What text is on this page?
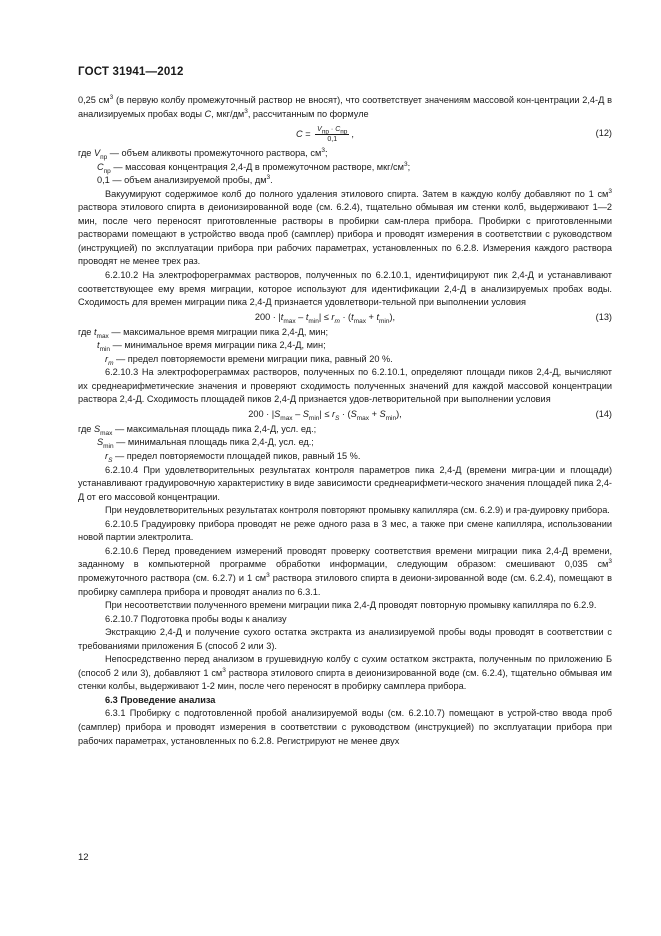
ГОСТ 31941—2012

0,25 $см^3$ (в первую колбу промежуточный раствор не вносят), что соответствует значениям массовой кон-центрации 2,4-Д в анализируемых пробах воды C, мкг/$дм^3$, рассчитанным по формуле

$C = \frac{V_{пр} \cdot C_{пр}}{0,1}$ ,	(12)

где $V_{пр}$ — объем аликвоты промежуточного раствора, $см^3$;

$C_{пр}$ — массовая концентрация 2,4-Д в промежуточном растворе, мкг/$см^3$;

0,1 — объем анализируемой пробы, $дм^3$.

Вакуумируют содержимое колб до полного удаления этилового спирта. Затем в каждую колбу добавляют по 1 $см^3$ раствора этилового спирта в деионизированной воде (см. 6.2.4), тщательно обмывая им стенки колб, выдерживают 1—2 мин, после чего переносят приготовленные растворы в пробирки сам-плера прибора. Пробирки с приготовленными растворами помещают в устройство ввода проб (самплер) прибора и проводят измерения в соответствии с руководством (инструкцией) по эксплуатации прибора при рабочих параметрах, установленных по 6.2.8. Измерения каждого раствора проводят не менее трех раз.

6.2.10.2 На электрофореграммах растворов, полученных по 6.2.10.1, идентифицируют пик 2,4-Д и устанавливают соответствующее ему время миграции, которое используют для идентификации 2,4-Д в анализируемых пробах воды. Сходимость для времен миграции пика 2,4-Д признается удовлетвори-тельной при выполнении условия

$200 \cdot |t_{max} - t_{min}| \le r_m \cdot (t_{max} + t_{min})$,	(13)

где $t_{max}$ — максимальное время миграции пика 2,4-Д, мин;

$t_{min}$ — минимальное время миграции пика 2,4-Д, мин;

$r_m$ — предел повторяемости времени миграции пика, равный 20 %.

6.2.10.3 На электрофореграммах растворов, полученных по 6.2.10.1, определяют площади пиков 2,4-Д, вычисляют их среднеарифметические значения и проверяют сходимость полученных значений для каждой массовой концентрации раствора 2,4-Д. Сходимость площадей пиков 2,4-Д признается удов-летворительной при выполнении условия

$200 \cdot |S_{max} - S_{min}| \le r_S \cdot (S_{max} + S_{min})$,	(14)

где $S_{max}$ — максимальная площадь пика 2,4-Д, усл. ед.;

$S_{min}$ — минимальная площадь пика 2,4-Д, усл. ед.;

$r_S$ — предел повторяемости площадей пиков, равный 15 %.

6.2.10.4 При удовлетворительных результатах контроля параметров пика 2,4-Д (времени мигра-ции и площади) устанавливают градуировочную характеристику в виде зависимости среднеарифмети-ческого значения площадей пика 2,4-Д от его массовой концентрации.

При неудовлетворительных результатах контроля повторяют промывку капилляра (см. 6.2.9) и гра-дуировку прибора.

6.2.10.5 Градуировку прибора проводят не реже одного раза в 3 мес, а также при смене капилляра, использовании новой партии электролита.

6.2.10.6 Перед проведением измерений проводят проверку соответствия времени миграции пика 2,4-Д времени, заданному в компьютерной программе обработки информации, следующим образом: смешивают 0,035 $см^3$ промежуточного раствора (см. 6.2.7) и 1 $см^3$ раствора этилового спирта в деиони-зированной воде (см. 6.2.4), помещают в пробирку самплера прибора и проводят анализ по 6.3.1.

При несоответствии полученного времени миграции пика 2,4-Д проводят повторную промывку капилляра по 6.2.9.

6.2.10.7 Подготовка пробы воды к анализу

Экстракцию 2,4-Д и получение сухого остатка экстракта из анализируемой пробы воды проводят в соответствии с требованиями приложения Б (способ 2 или 3).

Непосредственно перед анализом в грушевидную колбу с сухим остатком экстракта, полученным по приложению Б (способ 2 или 3), добавляют 1 $см^3$ раствора этилового спирта в деионизированной воде (см. 6.2.4), тщательно обмывая им стенки колбы, выдерживают 1-2 мин, после чего переносят в пробирку самплера прибора.

6.3 Проведение анализа

6.3.1 Пробирку с подготовленной пробой анализируемой воды (см. 6.2.10.7) помещают в устрой-ство ввода проб (самплер) прибора и проводят измерения в соответствии с руководством (инструкцией) по эксплуатации прибора при рабочих параметрах, установленных по 6.2.8. Регистрируют не менее двух

12
